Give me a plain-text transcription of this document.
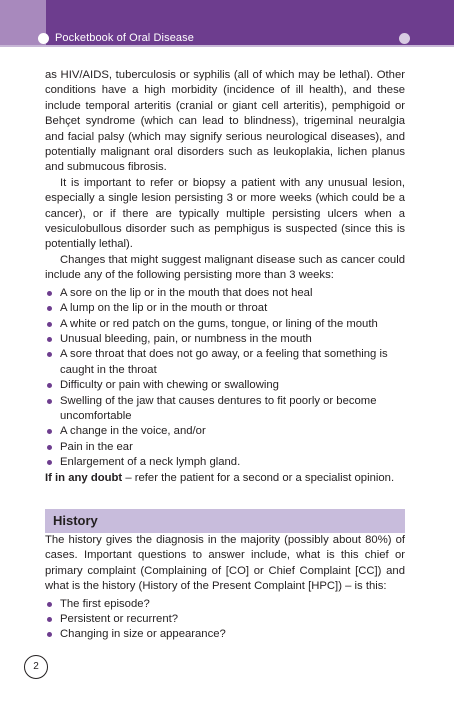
Pocketbook of Oral Disease

as HIV/AIDS, tuberculosis or syphilis (all of which may be lethal). Other conditions have a high morbidity (incidence of ill health), and these include temporal arteritis (cranial or giant cell arteritis), pemphigoid or Behçet syndrome (which can lead to blindness), trigeminal neuralgia and facial palsy (which may signify serious neurological diseases), and potentially malignant oral disorders such as leukoplakia, lichen planus and submucous fibrosis.

It is important to refer or biopsy a patient with any unusual lesion, especially a single lesion persisting 3 or more weeks (which could be a cancer), or if there are typically multiple persisting ulcers when a vesiculobullous disorder such as pemphigus is suspected (since this is potentially lethal).

Changes that might suggest malignant disease such as cancer could include any of the following persisting more than 3 weeks:

A sore on the lip or in the mouth that does not heal
A lump on the lip or in the mouth or throat
A white or red patch on the gums, tongue, or lining of the mouth
Unusual bleeding, pain, or numbness in the mouth
A sore throat that does not go away, or a feeling that something is caught in the throat
Difficulty or pain with chewing or swallowing
Swelling of the jaw that causes dentures to fit poorly or become uncomfortable
A change in the voice, and/or
Pain in the ear
Enlargement of a neck lymph gland.

If in any doubt – refer the patient for a second or a specialist opinion.

History

The history gives the diagnosis in the majority (possibly about 80%) of cases. Important questions to answer include, what is this chief or primary complaint (Complaining of [CO] or Chief Complaint [CC]) and what is the history (History of the Present Complaint [HPC]) – is this:

The first episode?
Persistent or recurrent?
Changing in size or appearance?
2
